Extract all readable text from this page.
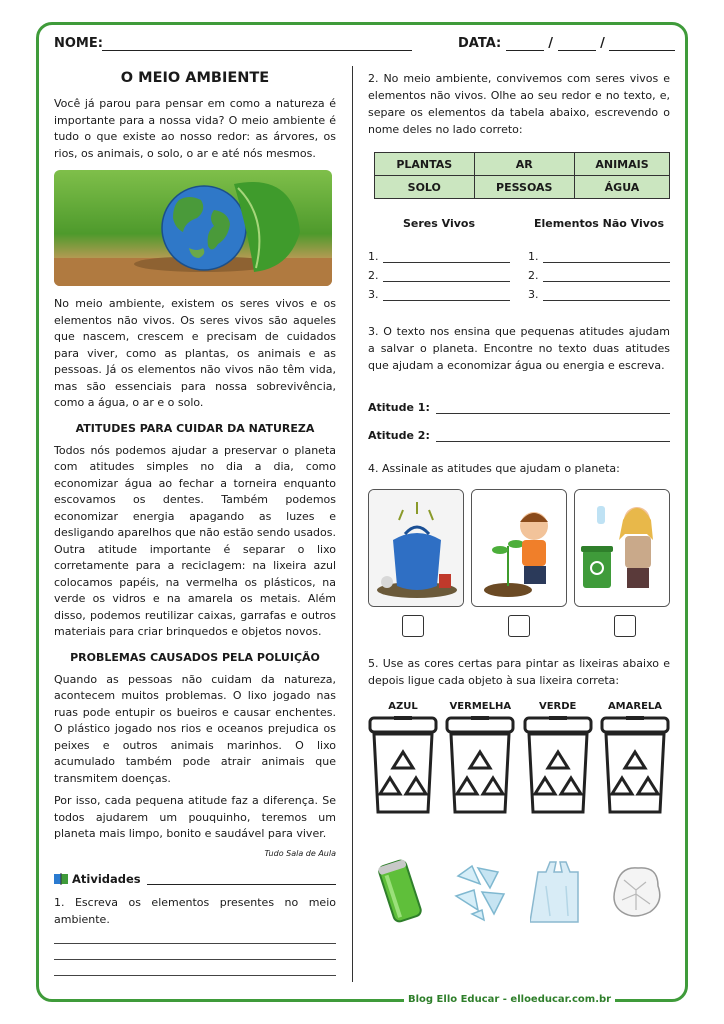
NOME:	DATA:	/	/
O MEIO AMBIENTE

Você já parou para pensar em como a natureza é importante para a nossa vida? O meio ambiente é tudo o que existe ao nosso redor: as árvores, os rios, os animais, o solo, o ar e até nós mesmos.

No meio ambiente, existem os seres vivos e os elementos não vivos. Os seres vivos são aqueles que nascem, crescem e precisam de cuidados para viver, como as plantas, os animais e as pessoas. Já os elementos não vivos não têm vida, mas são essenciais para nossa sobrevivência, como a água, o ar e o solo.

ATITUDES PARA CUIDAR DA NATUREZA

Todos nós podemos ajudar a preservar o planeta com atitudes simples no dia a dia, como economizar água ao fechar a torneira enquanto escovamos os dentes. Também podemos economizar energia apagando as luzes e desligando aparelhos que não estão sendo usados. Outra atitude importante é separar o lixo corretamente para a reciclagem: na lixeira azul colocamos papéis, na vermelha os plásticos, na verde os vidros e na amarela os metais. Além disso, podemos reutilizar caixas, garrafas e outros materiais para criar brinquedos e objetos novos.

PROBLEMAS CAUSADOS PELA POLUIÇÃO

Quando as pessoas não cuidam da natureza, acontecem muitos problemas. O lixo jogado nas ruas pode entupir os bueiros e causar enchentes. O plástico jogado nos rios e oceanos prejudica os peixes e outros animais marinhos. O lixo acumulado também pode atrair animais que transmitem doenças.

Por isso, cada pequena atitude faz a diferença. Se todos ajudarem um pouquinho, teremos um planeta mais limpo, bonito e saudável para viver.

Tudo Sala de Aula
Atividades
1. Escreva os elementos presentes no meio ambiente.
2. No meio ambiente, convivemos com seres vivos e elementos não vivos. Olhe ao seu redor e no texto, e, separe os elementos da tabela abaixo, escrevendo o nome deles no lado correto:
PLANTAS	AR	ANIMAIS
SOLO	PESSOAS	ÁGUA
Seres Vivos
1.
2.
3.
Elementos Não Vivos
1.
2.
3.
3. O texto nos ensina que pequenas atitudes ajudam a salvar o planeta. Encontre no texto duas atitudes que ajudam a economizar água ou energia e escreva.
Atitude 1:
Atitude 2:
4. Assinale as atitudes que ajudam o planeta:
5. Use as cores certas para pintar as lixeiras abaixo e depois ligue cada objeto à sua lixeira correta:
AZUL	VERMELHA	VERDE	AMARELA
Blog Ello Educar - elloeducar.com.br
